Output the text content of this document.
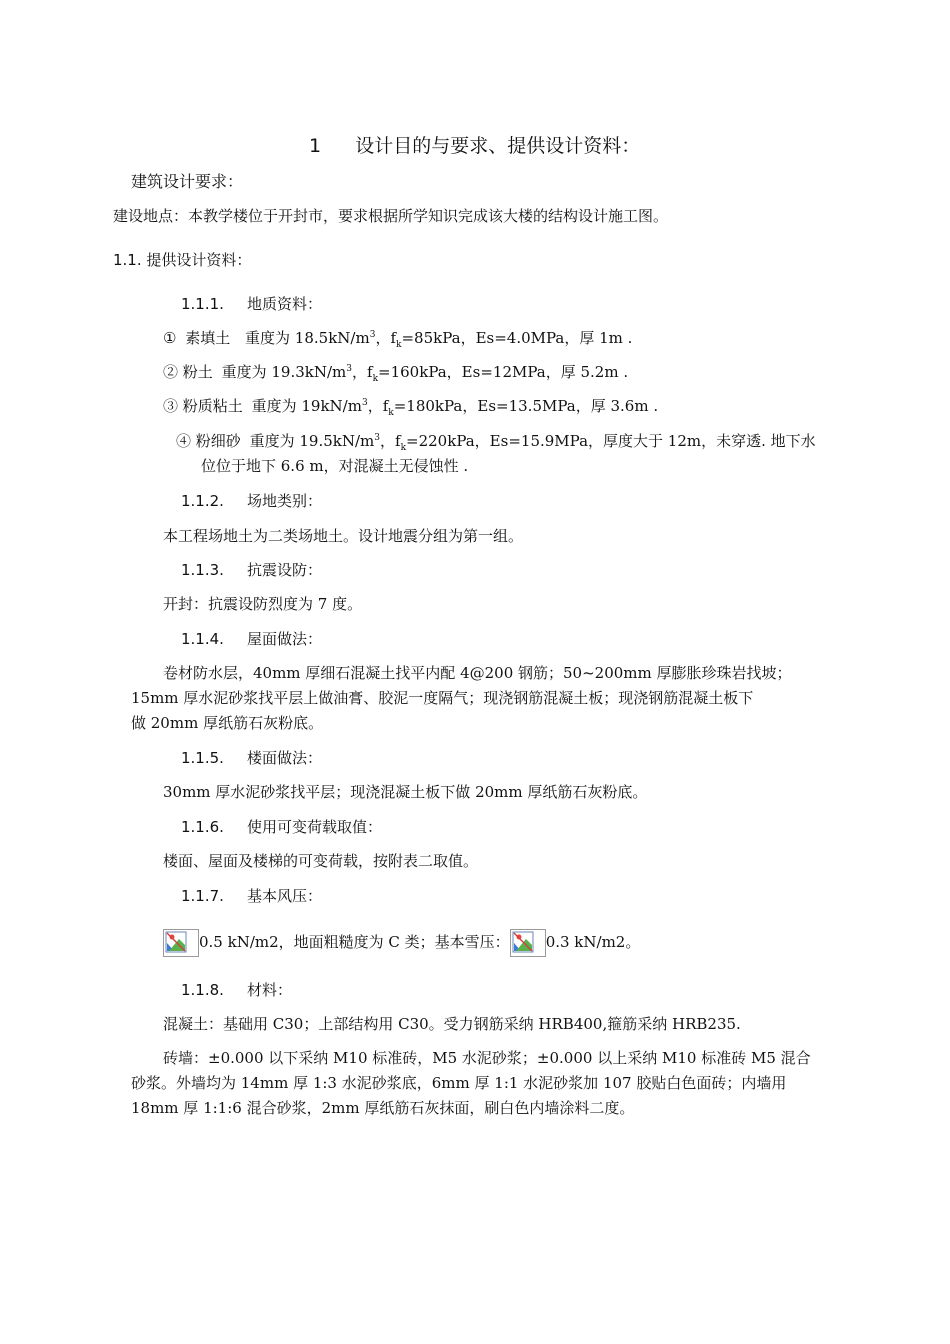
1 设计目的与要求、提供设计资料：
建筑设计要求：
建设地点：本教学楼位于开封市，要求根据所学知识完成该大楼的结构设计施工图。
1.1. 提供设计资料：
1.1.1. 地质资料：
① 素填土 重度为 $18.5kN/m^3$，$f_k=85kPa$，Es=4.0MPa，厚 1m .
② 粉土 重度为 $19.3kN/m^3$，$f_k=160kPa$，Es=12MPa，厚 5.2m .
③ 粉质粘土 重度为 $19kN/m^3$，$f_k=180kPa$，Es=13.5MPa，厚 3.6m .
④ 粉细砂 重度为 $19.5kN/m^3$，$f_k=220kPa$，Es=15.9MPa，厚度大于 12m，未穿透. 地下水
位位于地下 6.6 m，对混凝土无侵蚀性 .
1.1.2. 场地类别：
本工程场地土为二类场地土。设计地震分组为第一组。
1.1.3. 抗震设防：
开封：抗震设防烈度为 7 度。
1.1.4. 屋面做法：
卷材防水层，40mm 厚细石混凝土找平内配 4@200 钢筋；50~200mm 厚膨胀珍珠岩找坡；
15mm 厚水泥砂浆找平层上做油膏、胶泥一度隔气；现浇钢筋混凝土板；现浇钢筋混凝土板下
做 20mm 厚纸筋石灰粉底。
1.1.5. 楼面做法：
30mm 厚水泥砂浆找平层；现浇混凝土板下做 20mm 厚纸筋石灰粉底。
1.1.6. 使用可变荷载取值：
楼面、屋面及楼梯的可变荷载，按附表二取值。
1.1.7. 基本风压：
0.5 kN/m2，地面粗糙度为 C 类；基本雪压： 0.3 kN/m2。
1.1.8. 材料：
混凝土：基础用 C30；上部结构用 C30。受力钢筋采纳 HRB400,箍筋采纳 HRB235.
砖墙：±0.000 以下采纳 M10 标准砖，M5 水泥砂浆；±0.000 以上采纳 M10 标准砖 M5 混合
砂浆。外墙均为 14mm 厚 1:3 水泥砂浆底，6mm 厚 1:1 水泥砂浆加 107 胶贴白色面砖；内墙用
18mm 厚 1:1:6 混合砂浆，2mm 厚纸筋石灰抹面，刷白色内墙涂料二度。
